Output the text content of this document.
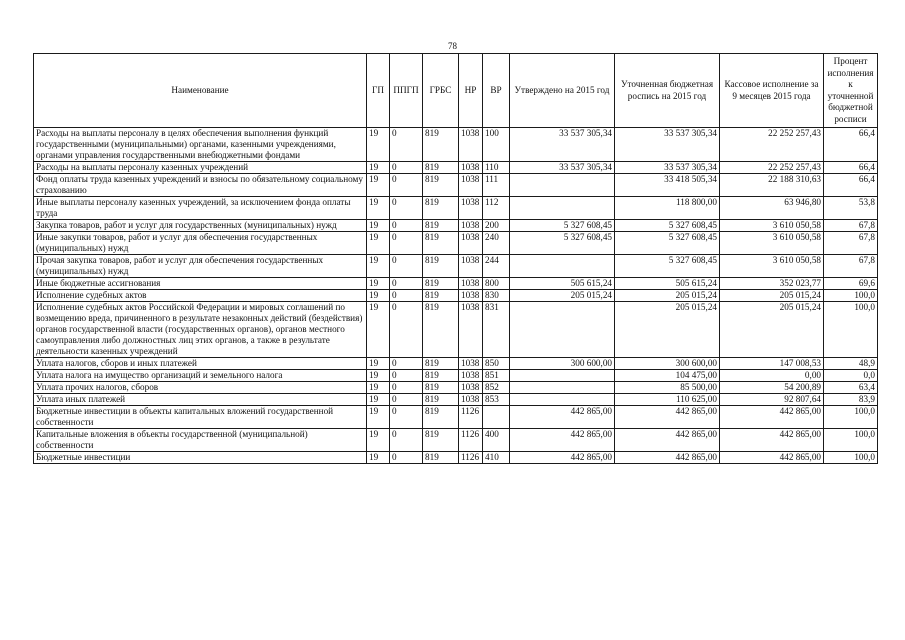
78
Наименование	ГП	ППГП	ГРБС	НР	ВР	Утверждено на 2015 год	Уточненная бюджетная роспись на 2015 год	Кассовое исполнение за 9 месяцев 2015 года	Процент исполнения к уточненной бюджетной росписи
Расходы на выплаты персоналу в целях обеспечения выполнения функций государственными (муниципальными) органами, казенными учреждениями, органами управления государственными внебюджетными фондами	19	0	819	1038	100	33 537 305,34	33 537 305,34	22 252 257,43	66,4
Расходы на выплаты персоналу казенных учреждений	19	0	819	1038	110	33 537 305,34	33 537 305,34	22 252 257,43	66,4
Фонд оплаты труда казенных учреждений и взносы по обязательному социальному страхованию	19	0	819	1038	111		33 418 505,34	22 188 310,63	66,4
Иные выплаты персоналу казенных учреждений, за исключением фонда оплаты труда	19	0	819	1038	112		118 800,00	63 946,80	53,8
Закупка товаров, работ и услуг для государственных (муниципальных) нужд	19	0	819	1038	200	5 327 608,45	5 327 608,45	3 610 050,58	67,8
Иные закупки товаров, работ и услуг для обеспечения государственных (муниципальных) нужд	19	0	819	1038	240	5 327 608,45	5 327 608,45	3 610 050,58	67,8
Прочая закупка товаров, работ и услуг для обеспечения государственных (муниципальных) нужд	19	0	819	1038	244		5 327 608,45	3 610 050,58	67,8
Иные бюджетные ассигнования	19	0	819	1038	800	505 615,24	505 615,24	352 023,77	69,6
Исполнение судебных актов	19	0	819	1038	830	205 015,24	205 015,24	205 015,24	100,0
Исполнение судебных актов Российской Федерации и мировых соглашений по возмещению вреда, причиненного в результате незаконных действий (бездействия) органов государственной власти (государственных органов), органов местного самоуправления либо должностных лиц этих органов, а также в результате деятельности казенных учреждений	19	0	819	1038	831		205 015,24	205 015,24	100,0
Уплата налогов, сборов и иных платежей	19	0	819	1038	850	300 600,00	300 600,00	147 008,53	48,9
Уплата налога на имущество организаций и земельного налога	19	0	819	1038	851		104 475,00	0,00	0,0
Уплата прочих налогов, сборов	19	0	819	1038	852		85 500,00	54 200,89	63,4
Уплата иных платежей	19	0	819	1038	853		110 625,00	92 807,64	83,9
Бюджетные инвестиции в объекты капитальных вложений государственной собственности	19	0	819	1126		442 865,00	442 865,00	442 865,00	100,0
Капитальные вложения в объекты государственной (муниципальной) собственности	19	0	819	1126	400	442 865,00	442 865,00	442 865,00	100,0
Бюджетные инвестиции	19	0	819	1126	410	442 865,00	442 865,00	442 865,00	100,0
